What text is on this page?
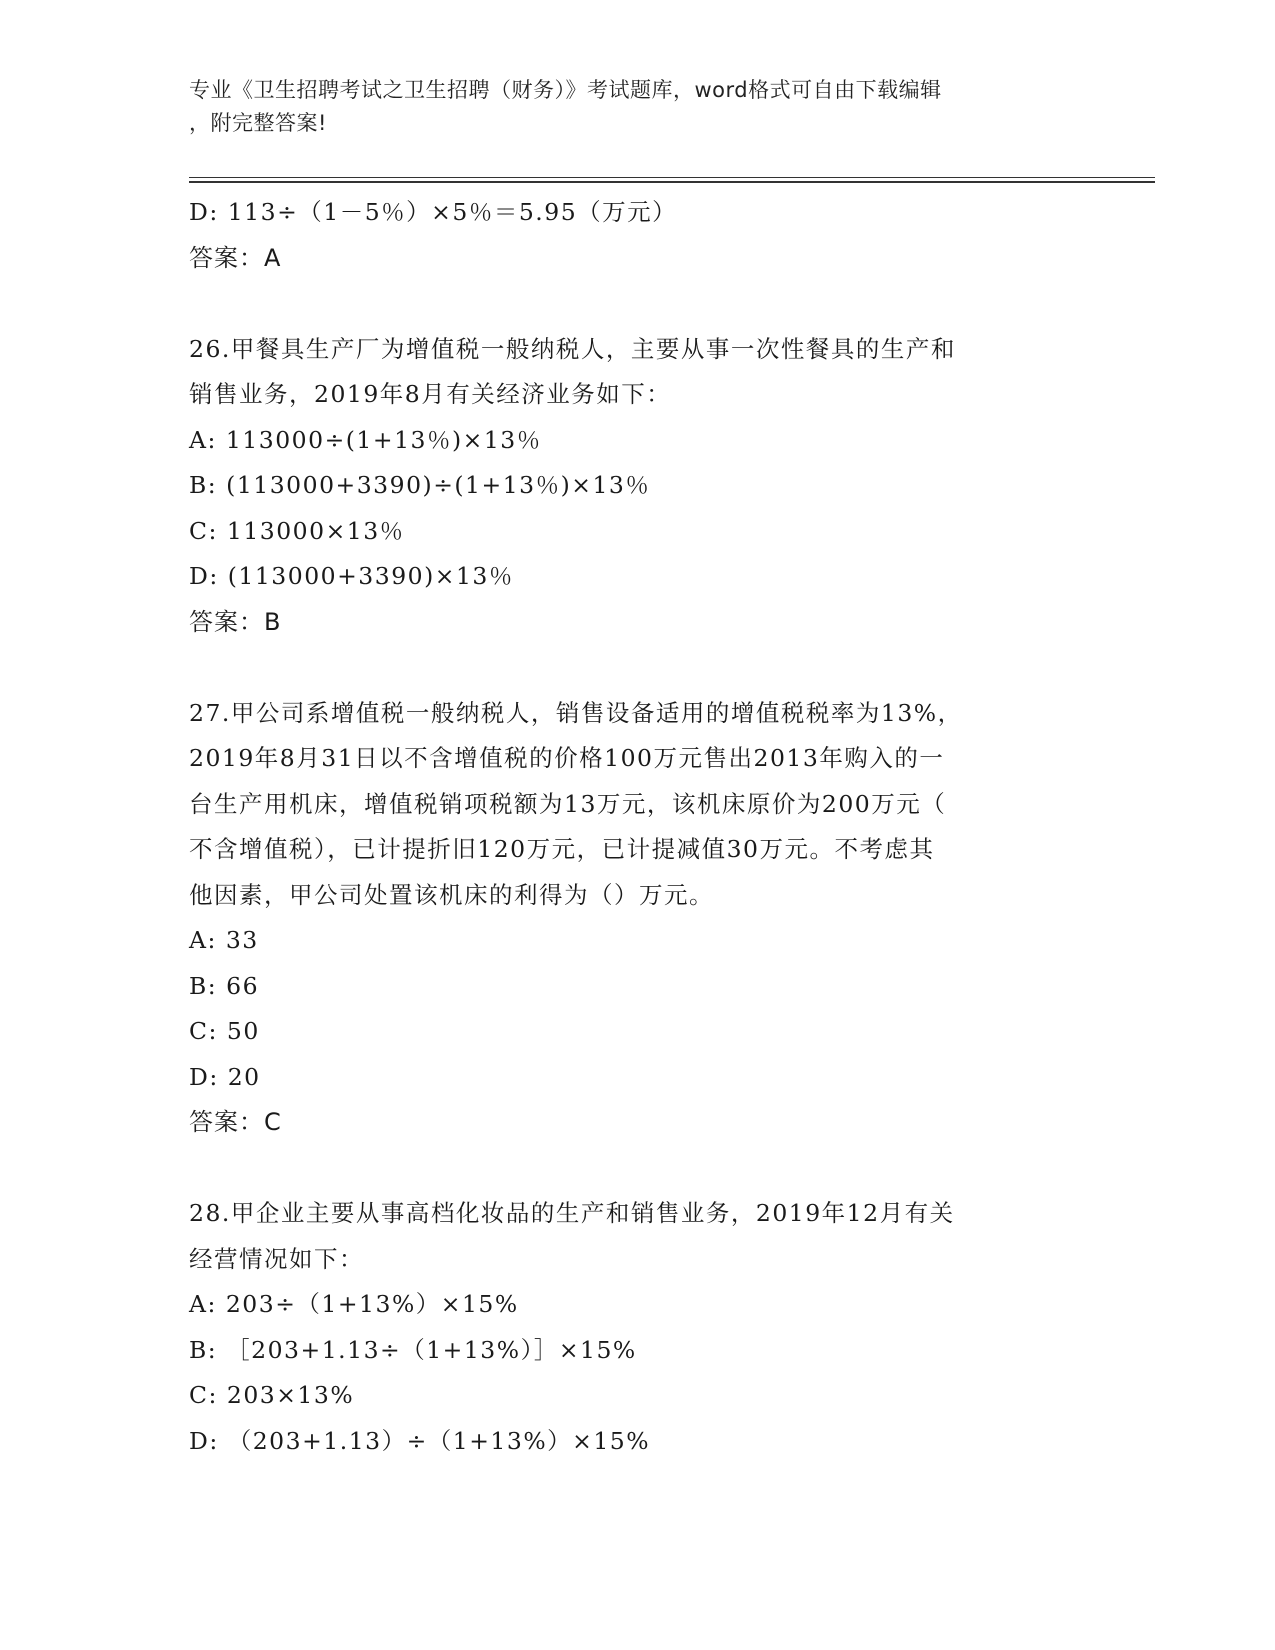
专业《卫生招聘考试之卫生招聘（财务）》考试题库，word格式可自由下载编辑
，附完整答案!
D: 113÷（1－5％）×5％＝5.95（万元）
答案：A
26.甲餐具生产厂为增值税一般纳税人，主要从事一次性餐具的生产和
销售业务，2019年8月有关经济业务如下：
A: 113000÷(1+13％)×13％
B: (113000+3390)÷(1+13％)×13％
C: 113000×13％
D: (113000+3390)×13％
答案：B
27.甲公司系增值税一般纳税人，销售设备适用的增值税税率为13%，
2019年8月31日以不含增值税的价格100万元售出2013年购入的一
台生产用机床，增值税销项税额为13万元，该机床原价为200万元（
不含增值税），已计提折旧120万元，已计提减值30万元。不考虑其
他因素，甲公司处置该机床的利得为（）万元。
A: 33
B: 66
C: 50
D: 20
答案：C
28.甲企业主要从事高档化妆品的生产和销售业务，2019年12月有关
经营情况如下：
A: 203÷（1+13%）×15%
B: ［203+1.13÷（1+13%）］×15%
C: 203×13%
D: （203+1.13）÷（1+13%）×15%
